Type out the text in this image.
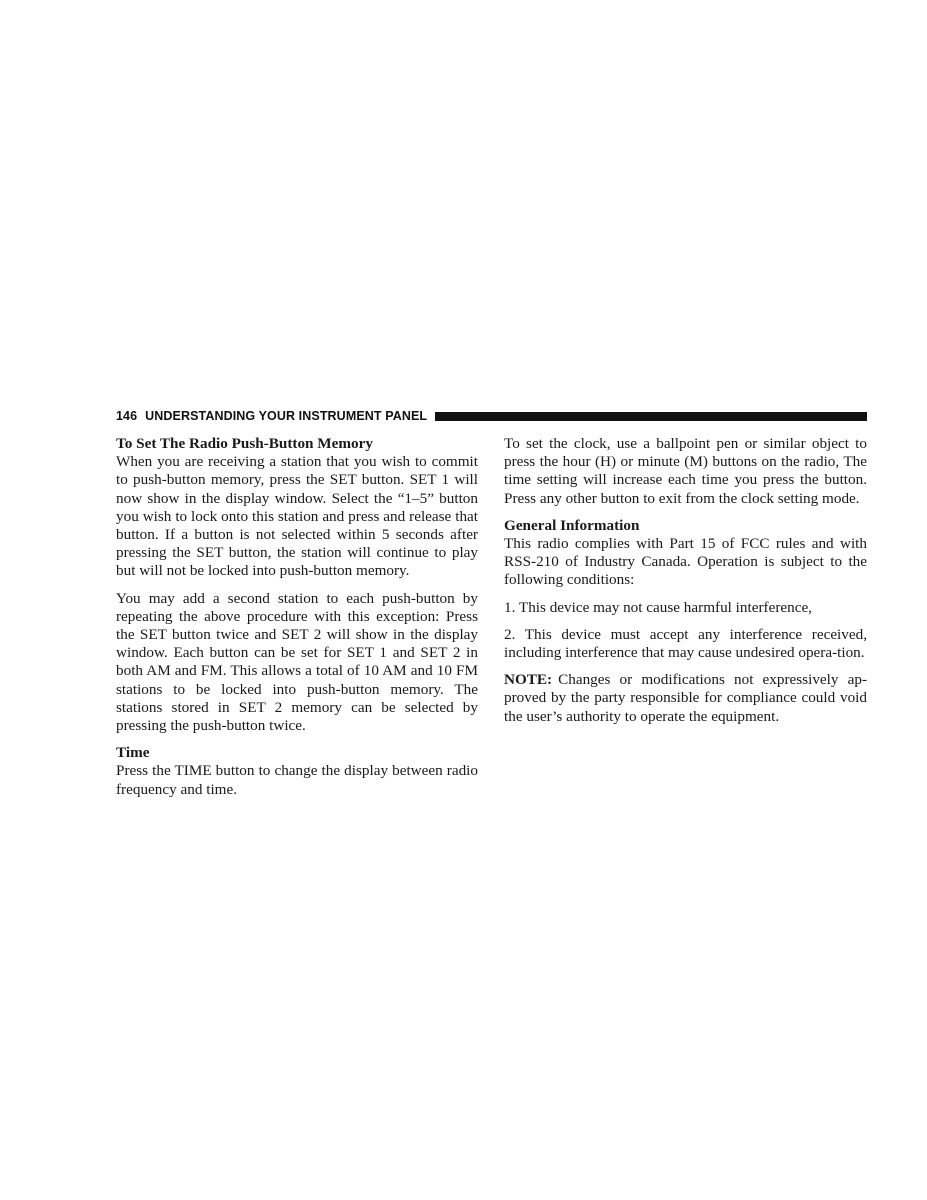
146 UNDERSTANDING YOUR INSTRUMENT PANEL
To Set The Radio Push-Button Memory

When you are receiving a station that you wish to commit to push-button memory, press the SET button. SET 1 will now show in the display window. Select the “1–5” button you wish to lock onto this station and press and release that button. If a button is not selected within 5 seconds after pressing the SET button, the station will continue to play but will not be locked into push-button memory.

You may add a second station to each push-button by repeating the above procedure with this exception: Press the SET button twice and SET 2 will show in the display window. Each button can be set for SET 1 and SET 2 in both AM and FM. This allows a total of 10 AM and 10 FM stations to be locked into push-button memory. The stations stored in SET 2 memory can be selected by pressing the push-button twice.

Time

Press the TIME button to change the display between radio frequency and time.

To set the clock, use a ballpoint pen or similar object to press the hour (H) or minute (M) buttons on the radio, The time setting will increase each time you press the button. Press any other button to exit from the clock setting mode.

General Information

This radio complies with Part 15 of FCC rules and with RSS-210 of Industry Canada. Operation is subject to the following conditions:

1. This device may not cause harmful interference,

2. This device must accept any interference received, including interference that may cause undesired opera-tion.

NOTE: Changes or modifications not expressively ap-proved by the party responsible for compliance could void the user’s authority to operate the equipment.
